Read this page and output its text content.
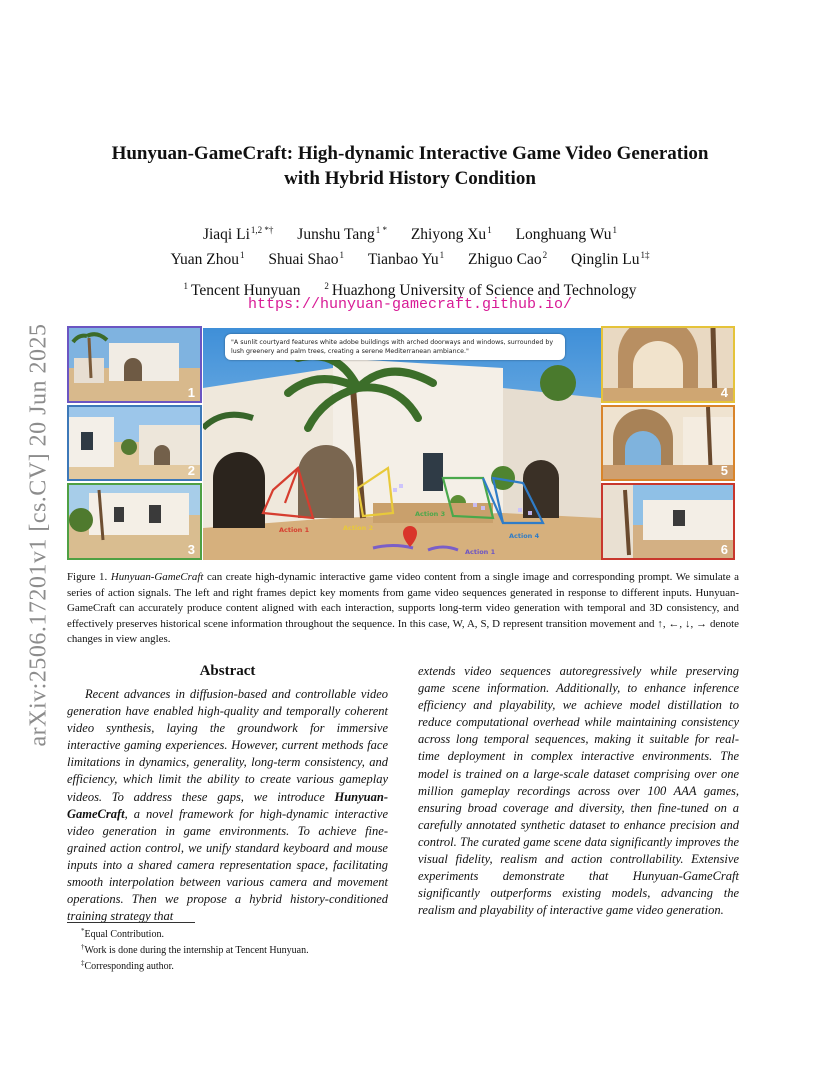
arXiv:2506.17201v1 [cs.CV] 20 Jun 2025
Hunyuan-GameCraft: High-dynamic Interactive Game Video Generation
with Hybrid History Condition
Jiaqi $Li^{1,2 *\dagger}$ Junshu Tang$^{1 *}$ Zhiyong Xu$^1$ Longhuang Wu$^1$
Yuan Zhou$^1$ Shuai Shao$^1$ Tianbao Yu$^1$ Zhiguo Cao$^2$ Qinglin $Lu^{1\ddagger}$
$^1$ Tencent Hunyuan	$^2$ Huazhong University of Science and Technology
https://hunyuan-gamecraft.github.io/
1
2
3
"A sunlit courtyard features white adobe buildings with arched doorways and windows, surrounded by lush greenery and palm trees, creating a serene Mediterranean ambiance."
Action 1	Action 2
Action 3
Action 4
Action 1
4
5
6
Figure 1. Hunyuan-GameCraft can create high-dynamic interactive game video content from a single image and corresponding prompt. We simulate a series of action signals. The left and right frames depict key moments from game video sequences generated in response to different inputs. Hunyuan-GameCraft can accurately produce content aligned with each interaction, supports long-term video generation with temporal and 3D consistency, and effectively preserves historical scene information throughout the sequence. In this case, W, A, S, D represent transition movement and ↑, ←, ↓, → denote changes in view angles.
Abstract
Recent advances in diffusion-based and controllable video generation have enabled high-quality and temporally coherent video synthesis, laying the groundwork for immersive interactive gaming experiences. However, current methods face limitations in dynamics, generality, long-term consistency, and efficiency, which limit the ability to create various gameplay videos. To address these gaps, we introduce Hunyuan-GameCraft, a novel framework for high-dynamic interactive video generation in game environments. To achieve fine-grained action control, we unify standard keyboard and mouse inputs into a shared camera representation space, facilitating smooth interpolation between various camera and movement operations. Then we propose a hybrid history-conditioned training strategy that
extends video sequences autoregressively while preserving game scene information. Additionally, to enhance inference efficiency and playability, we achieve model distillation to reduce computational overhead while maintaining consistency across long temporal sequences, making it suitable for real-time deployment in complex interactive environments. The model is trained on a large-scale dataset comprising over one million gameplay recordings across over 100 AAA games, ensuring broad coverage and diversity, then fine-tuned on a carefully annotated synthetic dataset to enhance precision and control. The curated game scene data significantly improves the visual fidelity, realism and action controllability. Extensive experiments demonstrate that Hunyuan-GameCraft significantly outperforms existing models, advancing the realism and playability of interactive game video generation.
*Equal Contribution.
†Work is done during the internship at Tencent Hunyuan.
‡Corresponding author.
